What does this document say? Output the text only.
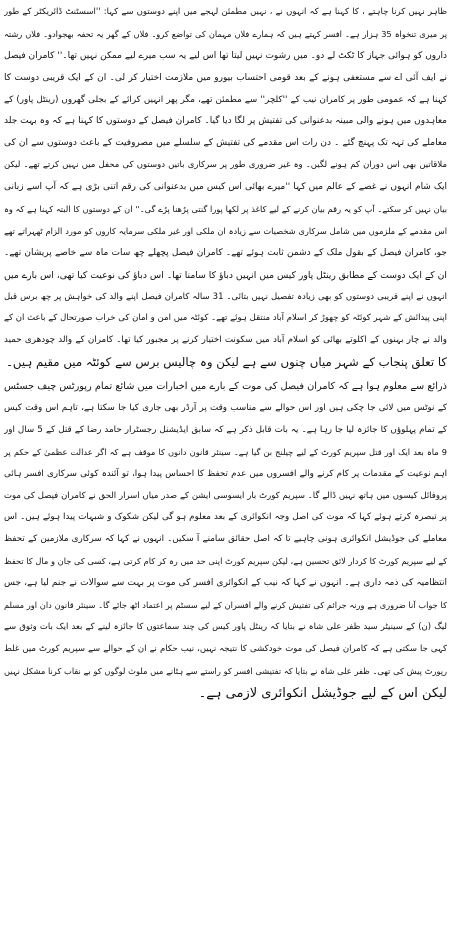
ظاہر نہیں کرنا چاہتے ، کا کہنا ہے کہ انہوں نے ، نہیں مطمئن لہجے میں اپنے دوستوں سے کہا: ''اسسٹنٹ ڈائریکٹر کے طور
پر میری تنخواہ 35 ہزار ہے۔ افسر کہتے ہیں کہ ہمارے فلاں مہمان کی تواضع کرو۔ فلاں کے گھر یہ تحفہ بھجوادو۔ فلاں رشتہ
داروں کو ہوائی جہاز کا ٹکٹ لے دو۔ میں رشوت نہیں لیتا تھا اس لیے یہ سب میرے لیے ممکن نہیں تھا۔'' کامران فیصل
نے ایف آئی اے سے مستعفی ہونے کے بعد قومی احتساب بیورو میں ملازمت اختیار کر لی۔ ان کے ایک قریبی دوست کا
کہنا ہے کہ عمومی طور پر کامران نیب کے ''کلچر'' سے مطمئن تھے، مگر پھر انہیں کرائے کے بجلی گھروں (رینٹل پاور) کے
معاہدوں میں ہونے والی مبینہ بدعنوانی کی تفتیش پر لگا دیا گیا۔ کامران فیصل کے دوستوں کا کہنا ہے کہ وہ بہت جلد
معاملے کی تہہ تک پہنچ گئے ۔ دن رات اس مقدمے کی تفتیش کے سلسلے میں مصروفیت کے باعث دوستوں سے ان کی
ملاقاتیں بھی اس دوران کم ہونے لگیں۔ وہ غیر ضروری طور پر سرکاری باتیں دوستوں کی محفل میں نہیں کرتے تھے۔ لیکن
ایک شام انہوں نے غصے کے عالم میں کہا ''میرے بھائی اس کیس میں بدعنوانی کی رقم اتنی بڑی ہے کہ آپ اسے زبانی
بیان نہیں کر سکتے۔ آپ کو یہ رقم بیان کرنے کے لیے کاغذ پر لکھا پورا گنتی پڑھنا پڑے گی۔'' ان کے دوستوں کا البتہ کہنا ہے کہ وہ
اس مقدمے کے ملزموں میں شامل سرکاری شخصیات سے زیادہ ان ملکی اور غیر ملکی سرمایہ کاروں کو مورد الزام ٹھہراتے تھے
جو، کامران فیصل کے بقول ملک کے دشمن ثابت ہوئے تھے۔ کامران فیصل پچھلے چھ سات ماہ سے خاصے پریشان تھے۔
ان کے ایک دوست کے مطابق رینٹل پاور کیس میں انہیں دباؤ کا سامنا تھا۔ اس دباؤ کی نوعیت کیا تھی، اس بارے میں
انہوں نے اپنے قریبی دوستوں کو بھی زیادہ تفصیل نہیں بتائی۔ 31 سالہ کامران فیصل اپنے والد کی خواہش پر چھ برس قبل
اپنی پیدائش کے شہر کوئٹہ کو چھوڑ کر اسلام آباد منتقل ہوئے تھے۔ کوئٹہ میں امن و امان کی خراب صورتحال کے باعث ان کے
والد نے چار بہنوں کے اکلوتے بھائی کو اسلام آباد میں سکونت اختیار کرنے پر مجبور کیا تھا۔ کامران کے والد چودھری حمید
کا تعلق پنجاب کے شہر میاں چنوں سے ہے لیکن وہ چالیس برس سے کوئٹہ میں مقیم ہیں۔
ذرائع سے معلوم ہوا ہے کہ کامران فیصل کی موت کے بارے میں اخبارات میں شائع تمام رپورٹس چیف جسٹس
کے نوٹس میں لائی جا چکی ہیں اور اس حوالے سے مناسب وقت پر آرڈر بھی جاری کیا جا سکتا ہے، تاہم اس وقت کیس
کے تمام پہلوؤں کا جائزہ لیا جا رہا ہے۔ یہ بات قابل ذکر ہے کہ سابق ایڈیشنل رجسٹرار حامد رضا کے قتل کے 5 سال اور
9 ماہ بعد ایک اور قتل سپریم کورٹ کے لیے چیلنج بن گیا ہے۔ سینئر قانون دانوں کا موقف ہے کہ اگر عدالت عظمیٰ کے حکم پر
اہم نوعیت کے مقدمات پر کام کرنے والے افسروں میں عدم تحفظ کا احساس پیدا ہوا، تو آئندہ کوئی سرکاری افسر ہائی
پروفائل کیسوں میں ہاتھ نہیں ڈالے گا۔ سپریم کورٹ بار ایسوسی ایشن کے صدر میاں اسرار الحق نے کامران فیصل کی موت
پر تبصرہ کرتے ہوئے کہا کہ موت کی اصل وجہ انکوائری کے بعد معلوم ہو گی لیکن شکوک و شبہات پیدا ہوئے ہیں۔ اس
معاملے کی جوڈیشل انکوائری ہونی چاہیے تا کہ اصل حقائق سامنے آ سکیں۔ انہوں نے کہا کہ سرکاری ملازمین کے تحفظ
کے لیے سپریم کورٹ کا کردار لائق تحسین ہے، لیکن سپریم کورٹ اپنی حد میں رہ کر کام کرتی ہے، کسی کی جان و مال کا تحفظ
انتظامیہ کی ذمہ داری ہے۔ انہوں نے کہا کہ نیب کے انکوائری افسر کی موت پر بہت سے سوالات نے جنم لیا ہے، جس
کا جواب آنا ضروری ہے ورنہ جرائم کی تفتیش کرنے والے افسران کے لیے سسٹم پر اعتماد اٹھ جائے گا۔ سینئر قانون دان اور مسلم
لیگ (ن) کے سینیٹر سید ظفر علی شاہ نے بتایا کہ رینٹل پاور کیس کی چند سماعتوں کا جائزہ لینے کے بعد ایک بات وثوق سے
کہی جا سکتی ہے کہ کامران فیصل کی موت خودکشی کا نتیجہ نہیں، نیب حکام نے ان کے حوالے سے سپریم کورٹ میں غلط
رپورٹ پیش کی تھی۔ ظفر علی شاہ نے بتایا کہ تفتیشی افسر کو راستے سے ہٹانے میں ملوث لوگوں کو بے نقاب کرنا مشکل نہیں
لیکن اس کے لیے جوڈیشل انکوائری لازمی ہے۔
